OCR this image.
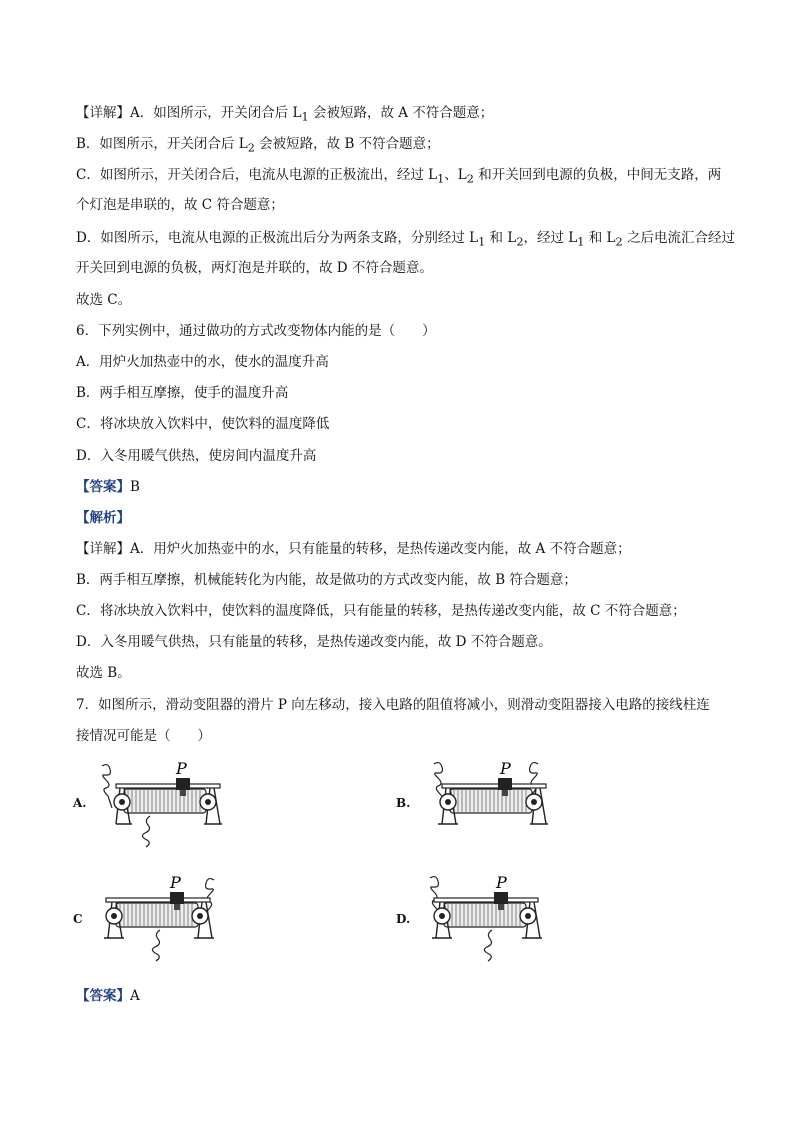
【详解】A．如图所示，开关闭合后 $L_1$ 会被短路，故 A 不符合题意；
B．如图所示，开关闭合后 $L_2$ 会被短路，故 B 不符合题意；
C．如图所示，开关闭合后，电流从电源的正极流出，经过 $L_1$、$L_2$ 和开关回到电源的负极，中间无支路，两
个灯泡是串联的，故 C 符合题意；
D．如图所示，电流从电源的正极流出后分为两条支路，分别经过 $L_1$ 和 $L_2$，经过 $L_1$ 和 $L_2$ 之后电流汇合经过
开关回到电源的负极，两灯泡是并联的，故 D 不符合题意。
故选 C。
6．下列实例中，通过做功的方式改变物体内能的是（　　）
A．用炉火加热壶中的水，使水的温度升高
B．两手相互摩擦，使手的温度升高
C．将冰块放入饮料中，使饮料的温度降低
D．入冬用暖气供热，使房间内温度升高
【答案】B
【解析】
【详解】A．用炉火加热壶中的水，只有能量的转移，是热传递改变内能，故 A 不符合题意；
B．两手相互摩擦，机械能转化为内能，故是做功的方式改变内能，故 B 符合题意；
C．将冰块放入饮料中，使饮料的温度降低，只有能量的转移，是热传递改变内能，故 C 不符合题意；
D．入冬用暖气供热，只有能量的转移，是热传递改变内能，故 D 不符合题意。
故选 B。
7．如图所示，滑动变阻器的滑片 P 向左移动，接入电路的阻值将减小，则滑动变阻器接入电路的接线柱连
接情况可能是（　　）
A.	B.
C	D.
P	P
P	P
【答案】A
